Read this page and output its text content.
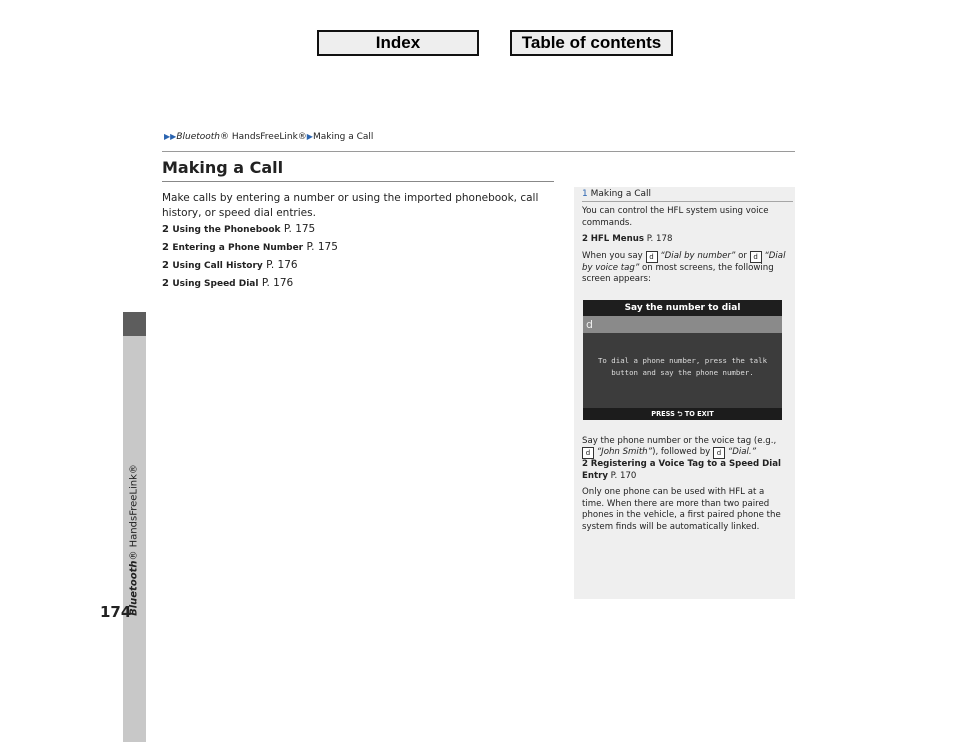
Index	Table of contents
Bluetooth® HandsFreeLink®
174
▶▶Bluetooth® HandsFreeLink®▶Making a Call
Making a Call
Make calls by entering a number or using the imported phonebook, call history, or speed dial entries.
2 Using the Phonebook P. 175
2 Entering a Phone Number P. 175
2 Using Call History P. 176
2 Using Speed Dial P. 176
1 Making a Call

You can control the HFL system using voice commands.

2 HFL Menus P. 178

When you say d “Dial by number” or d “Dial by voice tag” on most screens, the following screen appears:

Say the phone number or the voice tag (e.g., d “John Smith”), followed by d “Dial.”

2 Registering a Voice Tag to a Speed Dial Entry P. 170

Only one phone can be used with HFL at a time. When there are more than two paired phones in the vehicle, a first paired phone the system finds will be automatically linked.

Say the number to dial
d
To dial a phone number, press the talk
button and say the phone number.
PRESS ⮌ TO EXIT
